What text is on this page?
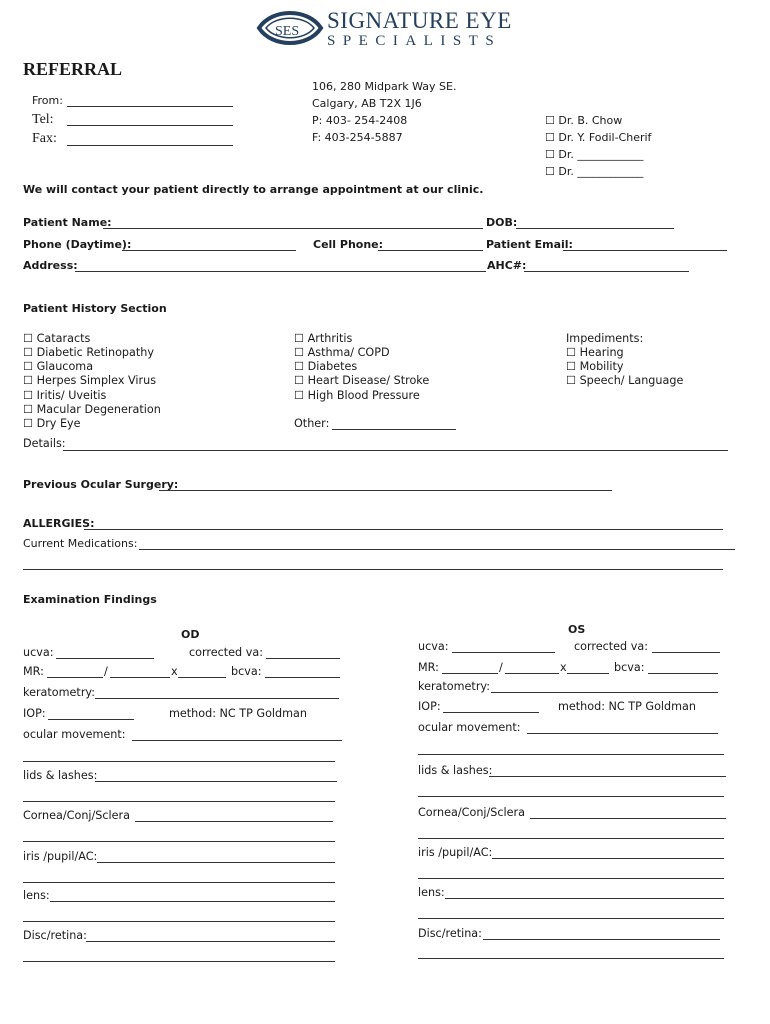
SES SIGNATURE EYE
SPECIALISTS
REFERRAL
From:
Tel:
Fax:
106, 280 Midpark Way SE.
Calgary, AB T2X 1J6
P: 403- 254-2408
F: 403-254-5887
☐ Dr. B. Chow
☐ Dr. Y. Fodil-Cherif
☐ Dr. ____________
☐ Dr. ____________
We will contact your patient directly to arrange appointment at our clinic.
Patient Name:	DOB:
Phone (Daytime):	Cell Phone:	Patient Email:
Address:	AHC#:
Patient History Section
☐ Cataracts
☐ Diabetic Retinopathy
☐ Glaucoma
☐ Herpes Simplex Virus
☐ Iritis/ Uveitis
☐ Macular Degeneration
☐ Dry Eye
☐ Arthritis
☐ Asthma/ COPD
☐ Diabetes
☐ Heart Disease/ Stroke
☐ High Blood Pressure
Other:
Impediments:
☐ Hearing
☐ Mobility
☐ Speech/ Language
Details:
Previous Ocular Surgery:
ALLERGIES:
Current Medications:
Examination Findings
OD
ucva:	corrected va:
MR:	/	x	bcva:
keratometry:
IOP:	method: NC TP Goldman
ocular movement:
lids & lashes:
Cornea/Conj/Sclera
iris /pupil/AC:
lens:
Disc/retina:
OS
ucva:	corrected va:
MR:	/	x	bcva:
keratometry:
IOP:	method: NC TP Goldman
ocular movement:
lids & lashes:
Cornea/Conj/Sclera
iris /pupil/AC:
lens:
Disc/retina:
